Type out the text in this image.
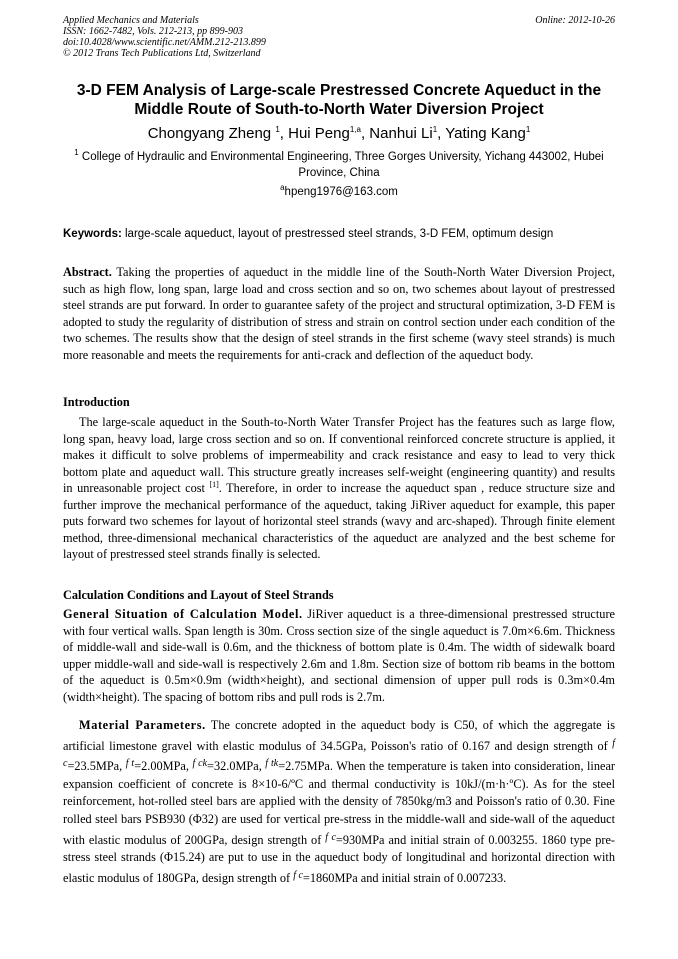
Applied Mechanics and Materials
ISSN: 1662-7482, Vols. 212-213, pp 899-903
doi:10.4028/www.scientific.net/AMM.212-213.899
© 2012 Trans Tech Publications Ltd, Switzerland
Online: 2012-10-26
3-D FEM Analysis of Large-scale Prestressed Concrete Aqueduct in the Middle Route of South-to-North Water Diversion Project
Chongyang Zheng $^1$, Hui Peng$^{1,a}$, Nanhui Li$^1$, Yating Kang$^1$
$^1$ College of Hydraulic and Environmental Engineering, Three Gorges University, Yichang 443002, Hubei Province, China
$^a$hpeng1976@163.com
Keywords: large-scale aqueduct, layout of prestressed steel strands, 3-D FEM, optimum design

Abstract. Taking the properties of aqueduct in the middle line of the South-North Water Diversion Project, such as high flow, long span, large load and cross section and so on, two schemes about layout of prestressed steel strands are put forward. In order to guarantee safety of the project and structural optimization, 3-D FEM is adopted to study the regularity of distribution of stress and strain on control section under each condition of the two schemes. The results show that the design of steel strands in the first scheme (wavy steel strands) is much more reasonable and meets the requirements for anti-crack and deflection of the aqueduct body.

Introduction

The large-scale aqueduct in the South-to-North Water Transfer Project has the features such as large flow, long span, heavy load, large cross section and so on. If conventional reinforced concrete structure is applied, it makes it difficult to solve problems of impermeability and crack resistance and easy to lead to very thick bottom plate and aqueduct wall. This structure greatly increases self-weight (engineering quantity) and results in unreasonable project cost [1]. Therefore, in order to increase the aqueduct span , reduce structure size and further improve the mechanical performance of the aqueduct, taking JiRiver aqueduct for example, this paper puts forward two schemes for layout of horizontal steel strands (wavy and arc-shaped). Through finite element method, three-dimensional mechanical characteristics of the aqueduct are analyzed and the best scheme for layout of prestressed steel strands finally is selected.

Calculation Conditions and Layout of Steel Strands

General Situation of Calculation Model. JiRiver aqueduct is a three-dimensional prestressed structure with four vertical walls. Span length is 30m. Cross section size of the single aqueduct is 7.0m×6.6m. Thickness of middle-wall and side-wall is 0.6m, and the thickness of bottom plate is 0.4m. The width of sidewalk board upper middle-wall and side-wall is respectively 2.6m and 1.8m. Section size of bottom rib beams in the bottom of the aqueduct is 0.5m×0.9m (width×height), and sectional dimension of upper pull rods is 0.3m×0.4m (width×height). The spacing of bottom ribs and pull rods is 2.7m.

Material Parameters. The concrete adopted in the aqueduct body is C50, of which the aggregate is artificial limestone gravel with elastic modulus of 34.5GPa, Poisson's ratio of 0.167 and design strength of $^{f c}$=23.5MPa, $^{f t}$=2.00MPa, $^{f ck}$=32.0MPa, $^{f tk}$=2.75MPa. When the temperature is taken into consideration, linear expansion coefficient of concrete is 8×10-6/ºC and thermal conductivity is 10kJ/(m·h·ºC). As for the steel reinforcement, hot-rolled steel bars are applied with the density of 7850kg/m3 and Poisson's ratio of 0.30. Fine rolled steel bars PSB930 (Φ32) are used for vertical pre-stress in the middle-wall and side-wall of the aqueduct with elastic modulus of 200GPa, design strength of $^{f c}$=930MPa and initial strain of 0.003255. 1860 type pre-stress steel strands (Φ15.24) are put to use in the aqueduct body of longitudinal and horizontal direction with elastic modulus of 180GPa, design strength of $^{f c}$=1860MPa and initial strain of 0.007233.
